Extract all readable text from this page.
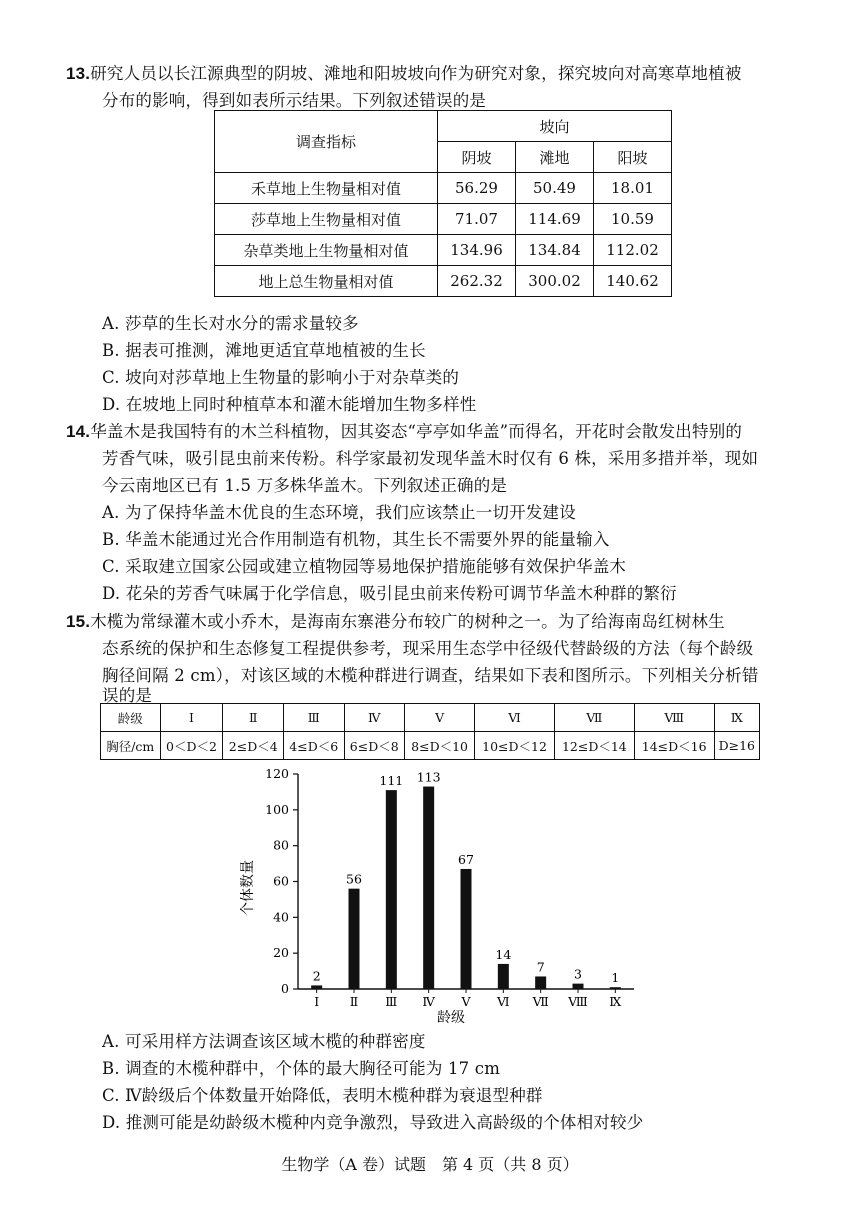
13.研究人员以长江源典型的阴坡、滩地和阳坡坡向作为研究对象，探究坡向对高寒草地植被
分布的影响，得到如表所示结果。下列叙述错误的是
调查指标	坡向		
	阴坡	滩地	阳坡
禾草地上生物量相对值	56.29	50.49	18.01
莎草地上生物量相对值	71.07	114.69	10.59
杂草类地上生物量相对值	134.96	134.84	112.02
地上总生物量相对值	262.32	300.02	140.62
A. 莎草的生长对水分的需求量较多
B. 据表可推测，滩地更适宜草地植被的生长
C. 坡向对莎草地上生物量的影响小于对杂草类的
D. 在坡地上同时种植草本和灌木能增加生物多样性
14.华盖木是我国特有的木兰科植物，因其姿态“亭亭如华盖”而得名，开花时会散发出特别的
芳香气味，吸引昆虫前来传粉。科学家最初发现华盖木时仅有 6 株，采用多措并举，现如
今云南地区已有 1.5 万多株华盖木。下列叙述正确的是
A. 为了保持华盖木优良的生态环境，我们应该禁止一切开发建设
B. 华盖木能通过光合作用制造有机物，其生长不需要外界的能量输入
C. 采取建立国家公园或建立植物园等易地保护措施能够有效保护华盖木
D. 花朵的芳香气味属于化学信息，吸引昆虫前来传粉可调节华盖木种群的繁衍
15.木榄为常绿灌木或小乔木，是海南东寨港分布较广的树种之一。为了给海南岛红树林生
态系统的保护和生态修复工程提供参考，现采用生态学中径级代替龄级的方法（每个龄级
胸径间隔 2 cm），对该区域的木榄种群进行调查，结果如下表和图所示。下列相关分析错
误的是
龄级	Ⅰ	Ⅱ	Ⅲ	Ⅳ	Ⅴ	Ⅵ	Ⅶ	Ⅷ	Ⅸ
胸径/cm	0＜D＜2	2≤D＜4	4≤D＜6	6≤D＜8	8≤D＜10	10≤D＜12	12≤D＜14	14≤D＜16	D≥16
0
20
40
60
80
100
120
2
Ⅰ
56
Ⅱ
111
Ⅲ
113
Ⅳ
67
Ⅴ
14
Ⅵ
7
Ⅶ
3
Ⅷ
1
Ⅸ
个体数量
龄级
A. 可采用样方法调查该区域木榄的种群密度
B. 调查的木榄种群中，个体的最大胸径可能为 17 cm
C. Ⅳ龄级后个体数量开始降低，表明木榄种群为衰退型种群
D. 推测可能是幼龄级木榄种内竞争激烈，导致进入高龄级的个体相对较少
生物学（A 卷）试题　第 4 页（共 8 页）
